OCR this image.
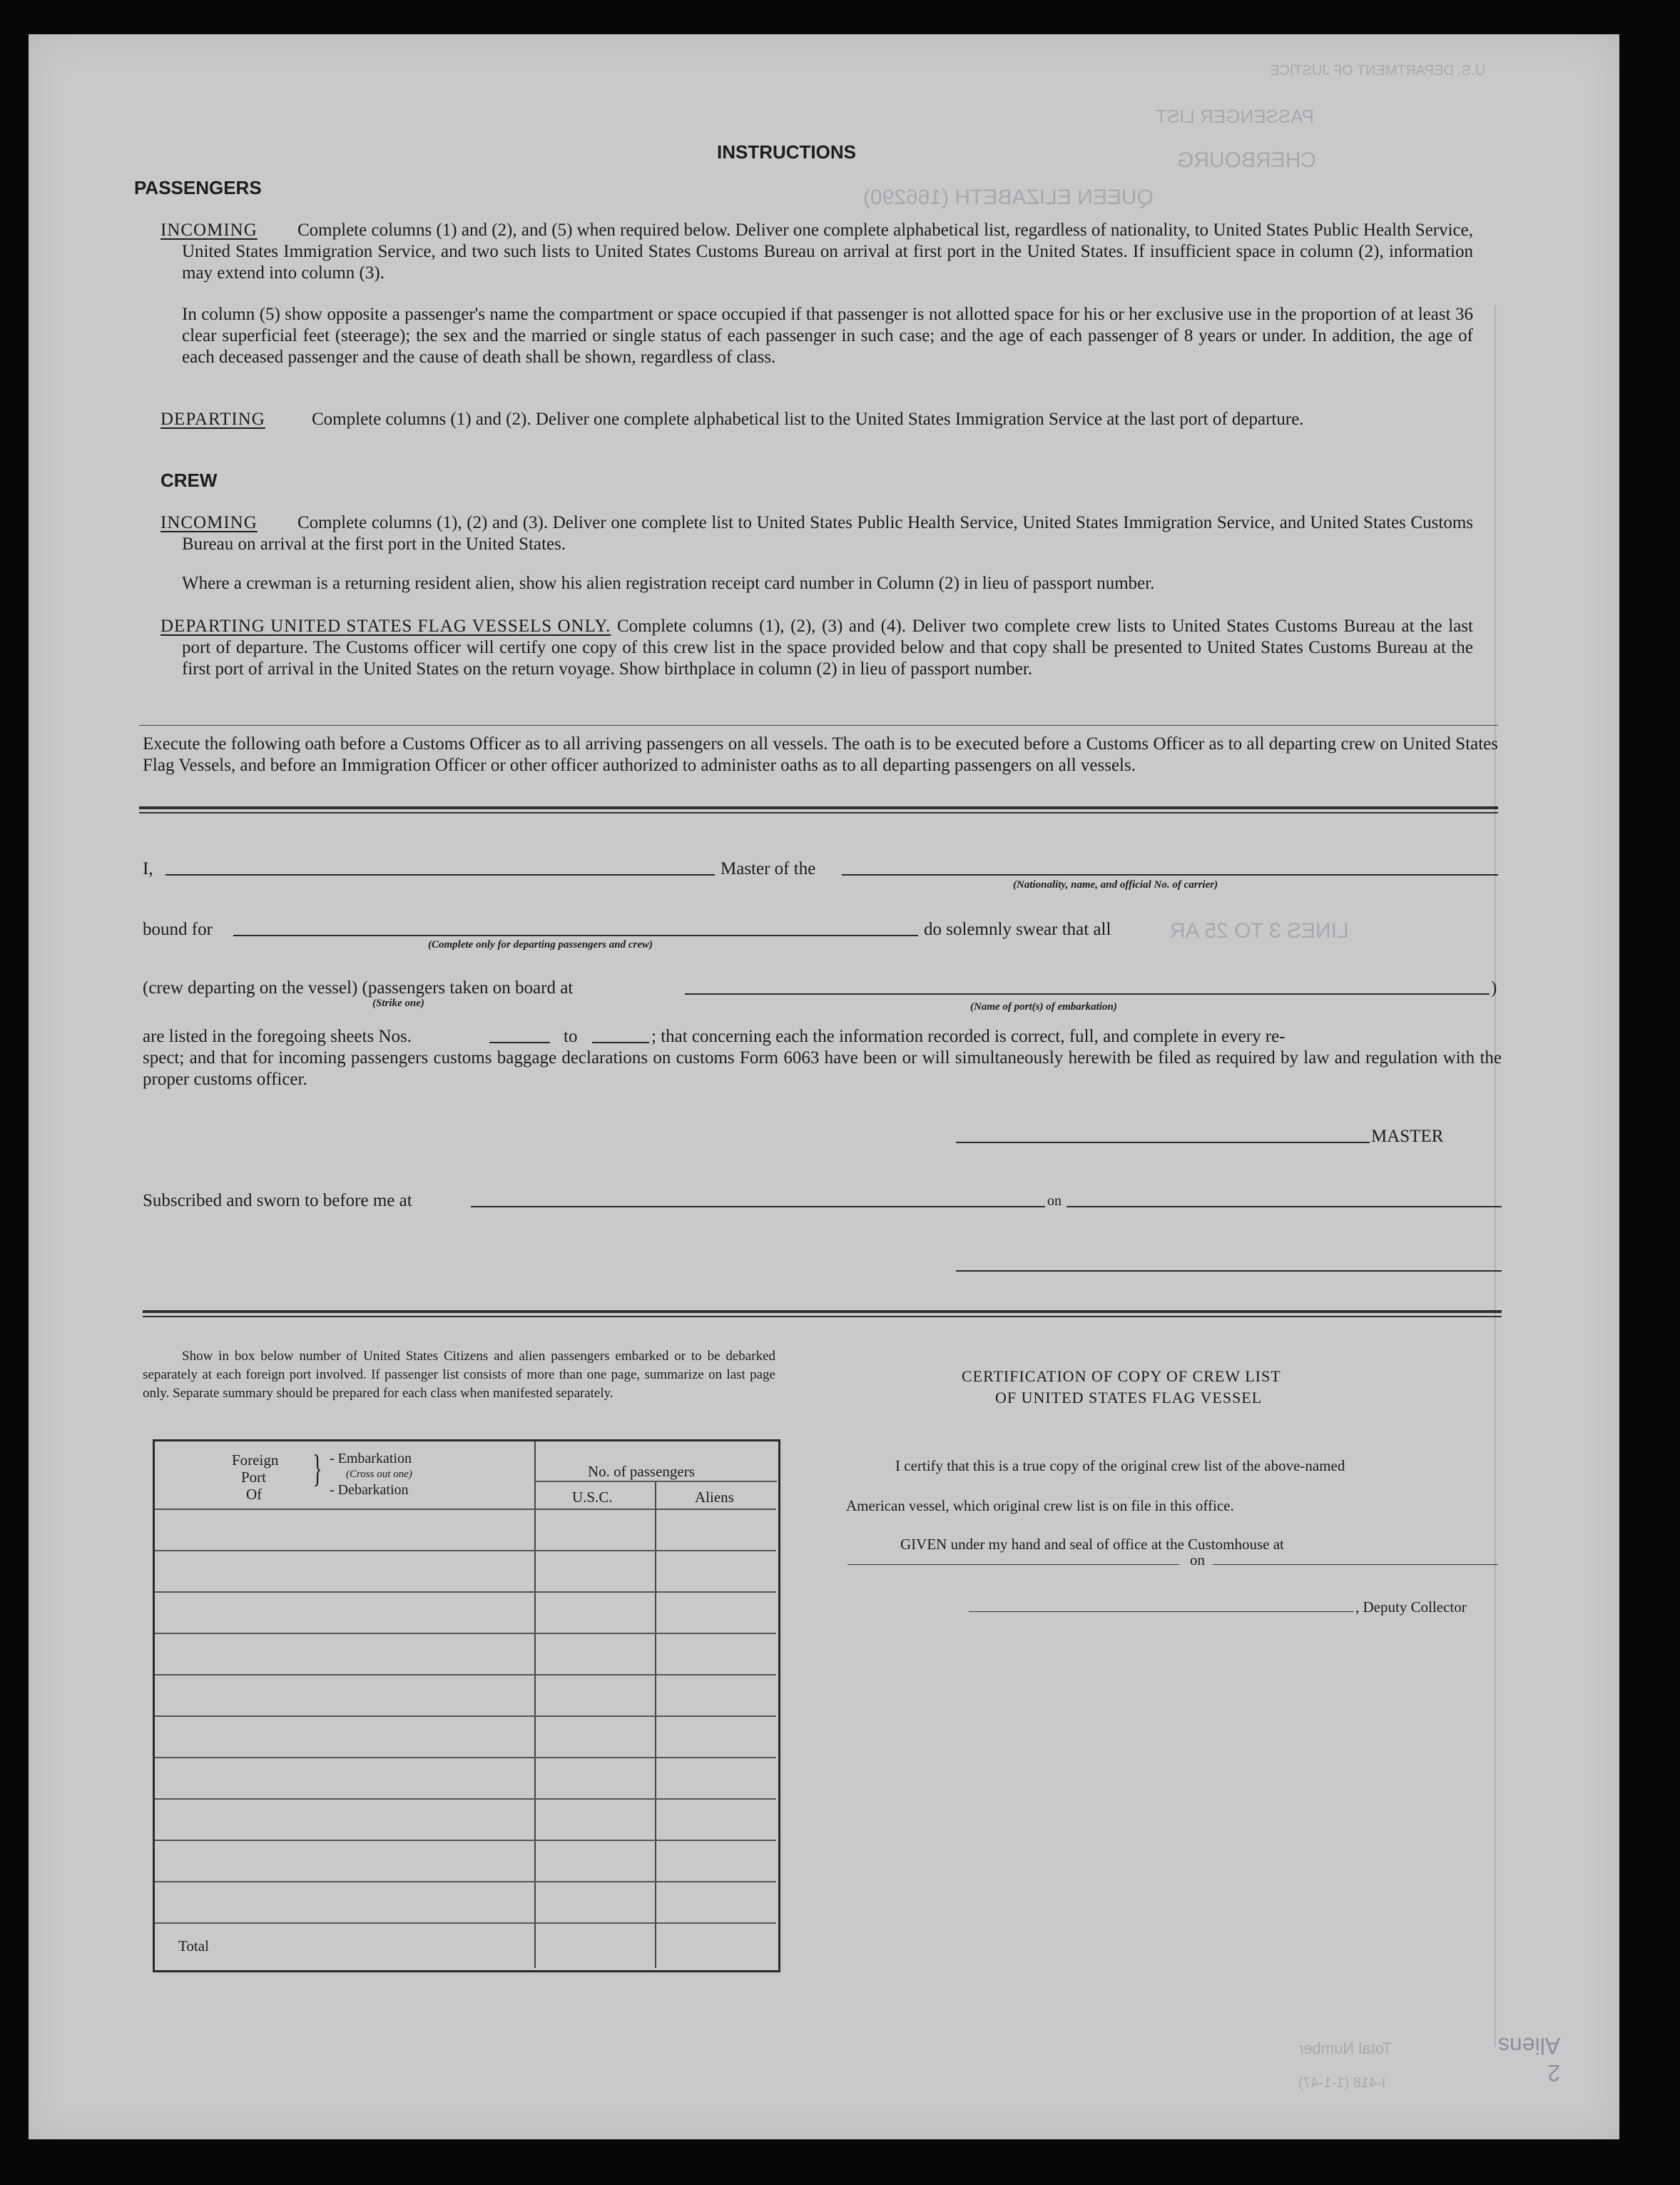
PASSENGER LIST
U.S. DEPARTMENT OF JUSTICE
QUEEN ELIZABETH (166290)
CHERBOURG
LINES 3 TO 25 AR
Total Number
I-418 (1-1-47)	2
Aliens
INSTRUCTIONS
PASSENGERS
INCOMING	Complete columns (1) and (2), and (5) when required below. Deliver one complete alphabetical list, regardless of nationality, to United States Public Health Service, United States Immigration Service, and two such lists to United States Customs Bureau on arrival at first port in the United States. If insufficient space in column (2), information may extend into column (3).
In column (5) show opposite a passenger's name the compartment or space occupied if that passenger is not allotted space for his or her exclusive use in the proportion of at least 36 clear superficial feet (steerage); the sex and the married or single status of each passenger in such case; and the age of each passenger of 8 years or under. In addition, the age of each deceased passenger and the cause of death shall be shown, regardless of class.
DEPARTING	Complete columns (1) and (2). Deliver one complete alphabetical list to the United States Immigration Service at the last port of departure.
CREW
INCOMING	Complete columns (1), (2) and (3). Deliver one complete list to United States Public Health Service, United States Immigration Service, and United States Customs Bureau on arrival at the first port in the United States.
Where a crewman is a returning resident alien, show his alien registration receipt card number in Column (2) in lieu of passport number.
DEPARTING UNITED STATES FLAG VESSELS ONLY. Complete columns (1), (2), (3) and (4). Deliver two complete crew lists to United States Customs Bureau at the last port of departure. The Customs officer will certify one copy of this crew list in the space provided below and that copy shall be presented to United States Customs Bureau at the first port of arrival in the United States on the return voyage. Show birthplace in column (2) in lieu of passport number.
Execute the following oath before a Customs Officer as to all arriving passengers on all vessels. The oath is to be executed before a Customs Officer as to all departing crew on United States Flag Vessels, and before an Immigration Officer or other officer authorized to administer oaths as to all departing passengers on all vessels.
I,	Master of the
(Nationality, name, and official No. of carrier)
bound for
(Complete only for departing passengers and crew)
do solemnly swear that all
(crew departing on the vessel) (passengers taken on board at
(Strike one)
)
(Name of port(s) of embarkation)
are listed in the foregoing sheets Nos.	to	; that concerning each the information recorded is correct, full, and complete in every re-
spect; and that for incoming passengers customs baggage declarations on customs Form 6063 have been or will simultaneously herewith be filed as required by law and regulation with the proper customs officer.
MASTER
Subscribed and sworn to before me at	on
Show in box below number of United States Citizens and alien passengers embarked or to be debarked separately at each foreign port involved. If passenger list consists of more than one page, summarize on last page only. Separate summary should be prepared for each class when manifested separately.
Foreign
Port
Of
} - Embarkation
(Cross out one)
- Debarkation
No. of passengers
U.S.C.	Aliens
Total
CERTIFICATION OF COPY OF CREW LIST
OF UNITED STATES FLAG VESSEL
I certify that this is a true copy of the original crew list of the above-named
American vessel, which original crew list is on file in this office.
GIVEN under my hand and seal of office at the Customhouse at
on
, Deputy Collector
